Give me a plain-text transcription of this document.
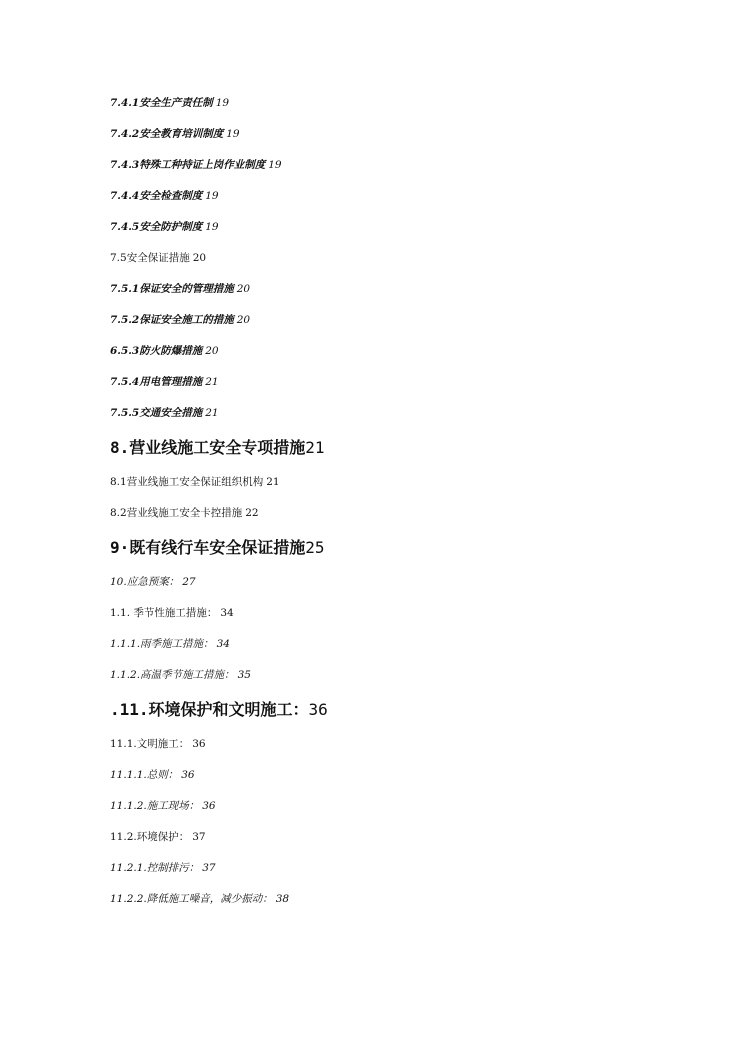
7.4.1安全生产责任制 19
7.4.2安全教育培训制度 19
7.4.3特殊工种持证上岗作业制度 19
7.4.4安全检查制度 19
7.4.5安全防护制度 19
7.5安全保证措施 20
7.5.1保证安全的管理措施 20
7.5.2保证安全施工的措施 20
6.5.3防火防爆措施 20
7.5.4用电管理措施 21
7.5.5交通安全措施 21
8.营业线施工安全专项措施21
8.1营业线施工安全保证组织机构 21
8.2营业线施工安全卡控措施 22
9·既有线行车安全保证措施25
10.应急预案： 27
1.1. 季节性施工措施： 34
1.1.1.雨季施工措施： 34
1.1.2.高温季节施工措施： 35
.11.环境保护和文明施工：36
11.1.文明施工： 36
11.1.1.总则： 36
11.1.2.施工现场： 36
11.2.环境保护： 37
11.2.1.控制排污： 37
11.2.2.降低施工噪音，减少振动： 38
